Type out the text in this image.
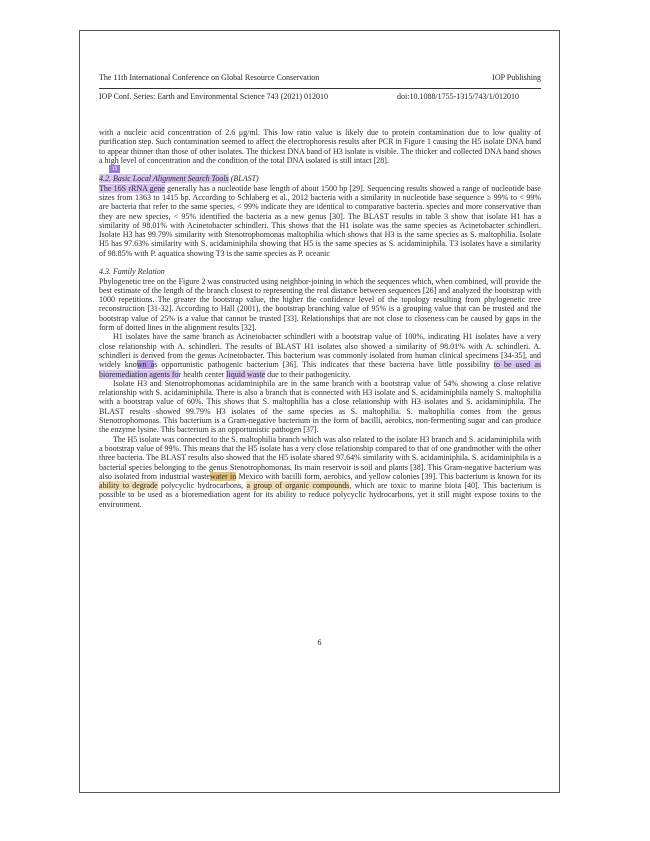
The 11th International Conference on Global Resource Conservation	IOP Publishing
IOP Conf. Series: Earth and Environmental Science 743 (2021) 012010	doi:10.1088/1755-1315/743/1/012010

with a nucleic acid concentration of 2.6 μg/ml. This low ratio value is likely due to protein contamination due to low quality of purification step. Such contamination seemed to affect the electrophoresis results after PCR in Figure 1 causing the H5 isolate DNA band to appear thinner than those of other isolates. The thickest DNA band of H3 isolate is visible. The thicker and collected DNA band shows a high level of concentration and the condition of the total DNA isolated is still intact [28].

15
4.2. Basic Local Alignment Search Tools (BLAST)

The 16S rRNA gene generally has a nucleotide base length of about 1500 bp [29]. Sequencing results showed a range of nucleotide base sizes from 1363 to 1415 bp. According to Schlaberg et al., 2012 bacteria with a similarity in nucleotide base sequence ≥ 99% to < 99% are bacteria that refer to the same species, < 99% indicate they are identical to comparative bacteria. species and more conservative than they are new species, < 95% identified the bacteria as a new genus [30]. The BLAST results in table 3 show that isolate H1 has a similarity of 98.01% with Acinetobacter schindleri. This shows that the H1 isolate was the same species as Acinetobacter schindleri. Isolate H3 has 99.79% similarity with Stenotrophomonas maltophilia which shows that H3 is the same species as S. maltophilia. Isolate H5 has 97.63% similarity with S. acidaminiphila showing that H5 is the same species as S. acidaminiphila. T3 isolates have a similarity of 98.85% with P. aquatica showing T3 is the same species as P. oceanic

4.3. Family Relation

Phylogenetic tree on the Figure 2 was constructed using neighbor-joining in which the sequences which, when combined, will provide the best estimate of the length of the branch closest to representing the real distance between sequences [26] and analyzed the bootstrap with 1000 repetitions. The greater the bootstrap value, the higher the confidence level of the topology resulting from phylogenetic tree reconstruction [31-32]. According to Hall (2001), the bootstrap branching value of 95% is a grouping value that can be trusted and the bootstrap value of 25% is a value that cannot be trusted [33]. Relationships that are not close to closeness can be caused by gaps in the form of dotted lines in the alignment results [32].

H1 isolates have the same branch as Acinetobacter schindleri with a bootstrap value of 100%, indicating H1 isolates have a very close relationship with A. schindleri. The results of BLAST H1 isolates also showed a similarity of 98.01% with A. schindleri. A. schindleri is derived from the genus Acinetobacter. This bacterium was commonly isolated from human clinical specimens [34-35], and widely known as opportunistic pathogenic bacterium [36]. This indicates that these bacteria have little possibility to be used as bioremediation agents for health center liquid waste due to their pathogenicity.

Isolate H3 and Stenotrophomonas acidaminiphila are in the same branch with a bootstrap value of 54% showing a close relative relationship with S. acidaminiphila. There is also a branch that is connected with H3 isolate and S. acidaminiphila namely S. maltophilia with a bootstrap value of 60%. This shows that S. maltophilia has a close relationship with H3 isolates and S. acidaminiphila. The BLAST results showed 99.79% H3 isolates of the same species as S. maltophilia. S. maltophilia comes from the genus Stenotrophomonas. This bacterium is a Gram-negative bacterium in the form of bacilli, aerobics, non-fermenting sugar and can produce the enzyme lysine. This bacterium is an opportunistic pathogen [37].

The H5 isolate was connected to the S. maltophilia branch which was also related to the isolate H3 branch and S. acidaminiphila with a bootstrap value of 99%. This means that the H5 isolate has a very close relationship compared to that of one grandmother with the other three bacteria. The BLAST results also showed that the H5 isolate shared 97.64% similarity with S. acidaminiphila. S. acidaminiphila is a bacterial species belonging to the genus Stenotrophomonas. Its main reservoir is soil and plants [38]. This Gram-negative bacterium was also isolated from industrial wastewater in Mexico with bacilli form, aerobics, and yellow colonies [39]. This bacterium is known for its ability to degrade polycyclic hydrocarbons, a group of organic compounds, which are toxic to marine biota [40]. This bacterium is possible to be used as a bioremediation agent for its ability to reduce polycyclic hydrocarbons, yet it still might expose toxins to the environment.

6
